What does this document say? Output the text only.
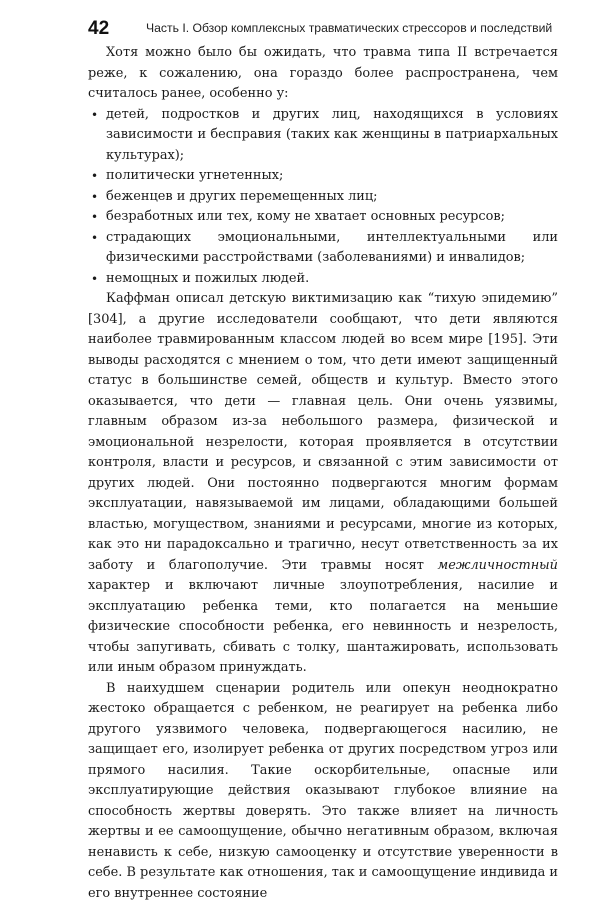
42	Часть I. Обзор комплексных травматических стрессоров и последствий

Хотя можно было бы ожидать, что травма типа II встречается реже, к сожалению, она гораздо более распространена, чем считалось ранее, особенно у:

• детей, подростков и других лиц, находящихся в условиях зависимости и бесправия (таких как женщины в патриархальных культурах);
• политически угнетенных;
• беженцев и других перемещенных лиц;
• безработных или тех, кому не хватает основных ресурсов;
• страдающих эмоциональными, интеллектуальными или физическими расстройствами (заболеваниями) и инвалидов;
• немощных и пожилых людей.

Каффман описал детскую виктимизацию как “тихую эпидемию” [304], а другие исследователи сообщают, что дети являются наиболее травмированным классом людей во всем мире [195]. Эти выводы расходятся с мнением о том, что дети имеют защищенный статус в большинстве семей, обществ и культур. Вместо этого оказывается, что дети — главная цель. Они очень уязвимы, главным образом из-за небольшого размера, физической и эмоциональной незрелости, которая проявляется в отсутствии контроля, власти и ресурсов, и связанной с этим зависимости от других людей. Они постоянно подвергаются многим формам эксплуатации, навязываемой им лицами, обладающими большей властью, могуществом, знаниями и ресурсами, многие из которых, как это ни парадоксально и трагично, несут ответственность за их заботу и благополучие. Эти травмы носят межличностный характер и включают личные злоупотребления, насилие и эксплуатацию ребенка теми, кто полагается на меньшие физические способности ребенка, его невинность и незрелость, чтобы запугивать, сбивать с толку, шантажировать, использовать или иным образом принуждать.

В наихудшем сценарии родитель или опекун неоднократно жестоко обращается с ребенком, не реагирует на ребенка либо другого уязвимого человека, подвергающегося насилию, не защищает его, изолирует ребенка от других посредством угроз или прямого насилия. Такие оскорбительные, опасные или эксплуатирующие действия оказывают глубокое влияние на способность жертвы доверять. Это также влияет на личность жертвы и ее самоощущение, обычно негативным образом, включая ненависть к себе, низкую самооценку и отсутствие уверенности в себе. В результате как отношения, так и самоощущение индивида и его внутреннее состояние
